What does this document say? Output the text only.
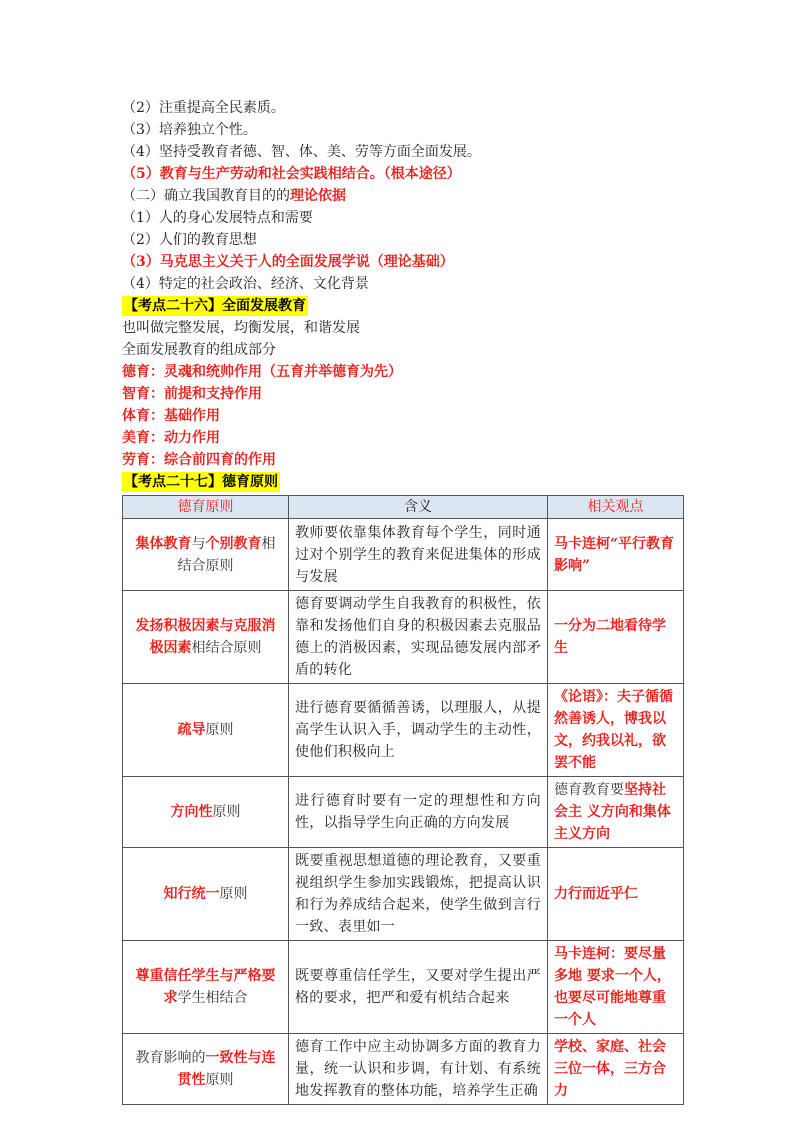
（2）注重提高全民素质。
（3）培养独立个性。
（4）坚持受教育者德、智、体、美、劳等方面全面发展。
（5）教育与生产劳动和社会实践相结合。（根本途径）
（二）确立我国教育目的的理论依据
（1）人的身心发展特点和需要
（2）人们的教育思想
（3）马克思主义关于人的全面发展学说（理论基础）
（4）特定的社会政治、经济、文化背景
【考点二十六】全面发展教育
也叫做完整发展，均衡发展，和谐发展
全面发展教育的组成部分
德育：灵魂和统帅作用（五育并举德育为先）
智育：前提和支持作用
体育：基础作用
美育：动力作用
劳育：综合前四育的作用
【考点二十七】德育原则
德育原则	含义	相关观点
集体教育与个别教育相结合原则	教师要依靠集体教育每个学生，同时通过对个别学生的教育来促进集体的形成与发展	马卡连柯“平行教育影响”
发扬积极因素与克服消极因素相结合原则	德育要调动学生自我教育的积极性，依靠和发扬他们自身的积极因素去克服品德上的消极因素，实现品德发展内部矛盾的转化	一分为二地看待学生
疏导原则	进行德育要循循善诱，以理服人，从提高学生认识入手，调动学生的主动性，使他们积极向上	《论语》：夫子循循然善诱人，博我以文，约我以礼，欲罢不能
方向性原则	进行德育时要有一定的理想性和方向性，以指导学生向正确的方向发展	德育教育要坚持社会主 义方向和集体主义方向
知行统一原则	既要重视思想道德的理论教育，又要重视组织学生参加实践锻炼，把提高认识和行为养成结合起来，使学生做到言行一致、表里如一	力行而近乎仁
尊重信任学生与严格要求学生相结合	既要尊重信任学生，又要对学生提出严格的要求，把严和爱有机结合起来	马卡连柯：要尽量多地 要求一个人，也要尽可能地尊重一个人
教育影响的一致性与连贯性原则	德育工作中应主动协调多方面的教育力量，统一认识和步调，有计划、有系统地发挥教育的整体功能，培养学生正确	学校、家庭、社会三位一体，三方合力
